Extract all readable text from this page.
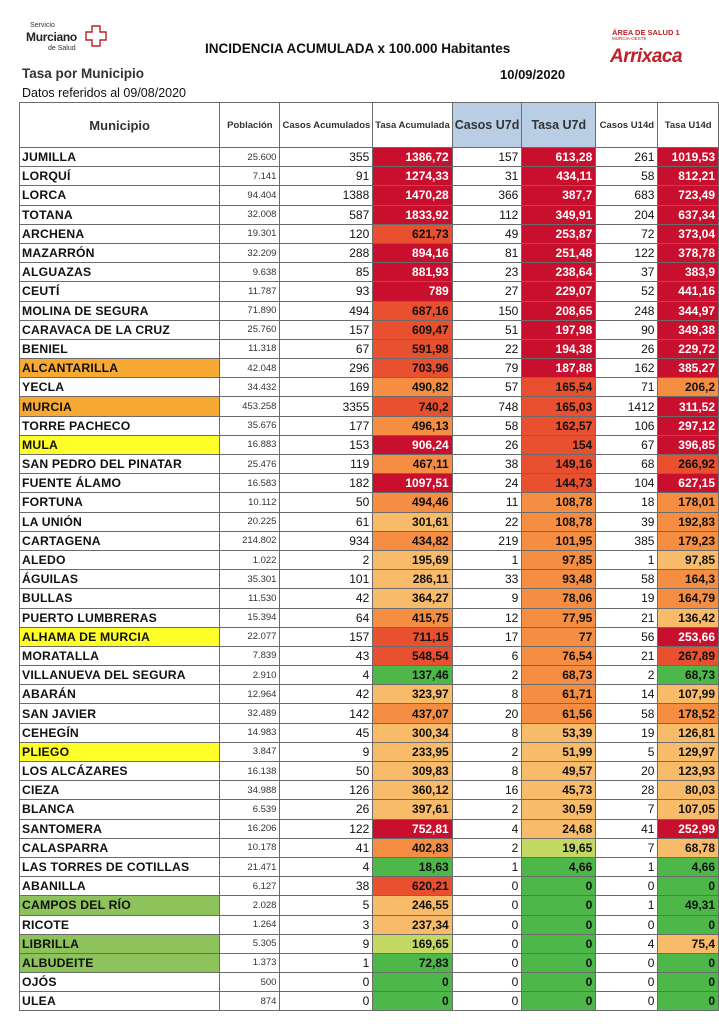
Servicio
Murciano
de Salud	INCIDENCIA ACUMULADA x 100.000 Habitantes
Tasa por Municipio
Datos referidos al 09/08/2020
10/09/2020
ÁREA DE SALUD 1
MURCIA-OESTE
Arrixaca
Municipio	Población	Casos Acumulados	Tasa Acumulada	Casos U7d	Tasa U7d	Casos U14d	Tasa U14d
JUMILLA	25.600	355	1386,72	157	613,28	261	1019,53
LORQUÍ	7.141	91	1274,33	31	434,11	58	812,21
LORCA	94.404	1388	1470,28	366	387,7	683	723,49
TOTANA	32.008	587	1833,92	112	349,91	204	637,34
ARCHENA	19.301	120	621,73	49	253,87	72	373,04
MAZARRÓN	32.209	288	894,16	81	251,48	122	378,78
ALGUAZAS	9.638	85	881,93	23	238,64	37	383,9
CEUTÍ	11.787	93	789	27	229,07	52	441,16
MOLINA DE SEGURA	71.890	494	687,16	150	208,65	248	344,97
CARAVACA DE LA CRUZ	25.760	157	609,47	51	197,98	90	349,38
BENIEL	11.318	67	591,98	22	194,38	26	229,72
ALCANTARILLA	42.048	296	703,96	79	187,88	162	385,27
YECLA	34.432	169	490,82	57	165,54	71	206,2
MURCIA	453.258	3355	740,2	748	165,03	1412	311,52
TORRE PACHECO	35.676	177	496,13	58	162,57	106	297,12
MULA	16.883	153	906,24	26	154	67	396,85
SAN PEDRO DEL PINATAR	25.476	119	467,11	38	149,16	68	266,92
FUENTE ÁLAMO	16.583	182	1097,51	24	144,73	104	627,15
FORTUNA	10.112	50	494,46	11	108,78	18	178,01
LA UNIÓN	20.225	61	301,61	22	108,78	39	192,83
CARTAGENA	214.802	934	434,82	219	101,95	385	179,23
ALEDO	1.022	2	195,69	1	97,85	1	97,85
ÁGUILAS	35.301	101	286,11	33	93,48	58	164,3
BULLAS	11.530	42	364,27	9	78,06	19	164,79
PUERTO LUMBRERAS	15.394	64	415,75	12	77,95	21	136,42
ALHAMA DE MURCIA	22.077	157	711,15	17	77	56	253,66
MORATALLA	7.839	43	548,54	6	76,54	21	267,89
VILLANUEVA DEL SEGURA	2.910	4	137,46	2	68,73	2	68,73
ABARÁN	12.964	42	323,97	8	61,71	14	107,99
SAN JAVIER	32.489	142	437,07	20	61,56	58	178,52
CEHEGÍN	14.983	45	300,34	8	53,39	19	126,81
PLIEGO	3.847	9	233,95	2	51,99	5	129,97
LOS ALCÁZARES	16.138	50	309,83	8	49,57	20	123,93
CIEZA	34.988	126	360,12	16	45,73	28	80,03
BLANCA	6.539	26	397,61	2	30,59	7	107,05
SANTOMERA	16.206	122	752,81	4	24,68	41	252,99
CALASPARRA	10.178	41	402,83	2	19,65	7	68,78
LAS TORRES DE COTILLAS	21.471	4	18,63	1	4,66	1	4,66
ABANILLA	6.127	38	620,21	0	0	0	0
CAMPOS DEL RÍO	2.028	5	246,55	0	0	1	49,31
RICOTE	1.264	3	237,34	0	0	0	0
LIBRILLA	5.305	9	169,65	0	0	4	75,4
ALBUDEITE	1.373	1	72,83	0	0	0	0
OJÓS	500	0	0	0	0	0	0
ULEA	874	0	0	0	0	0	0
